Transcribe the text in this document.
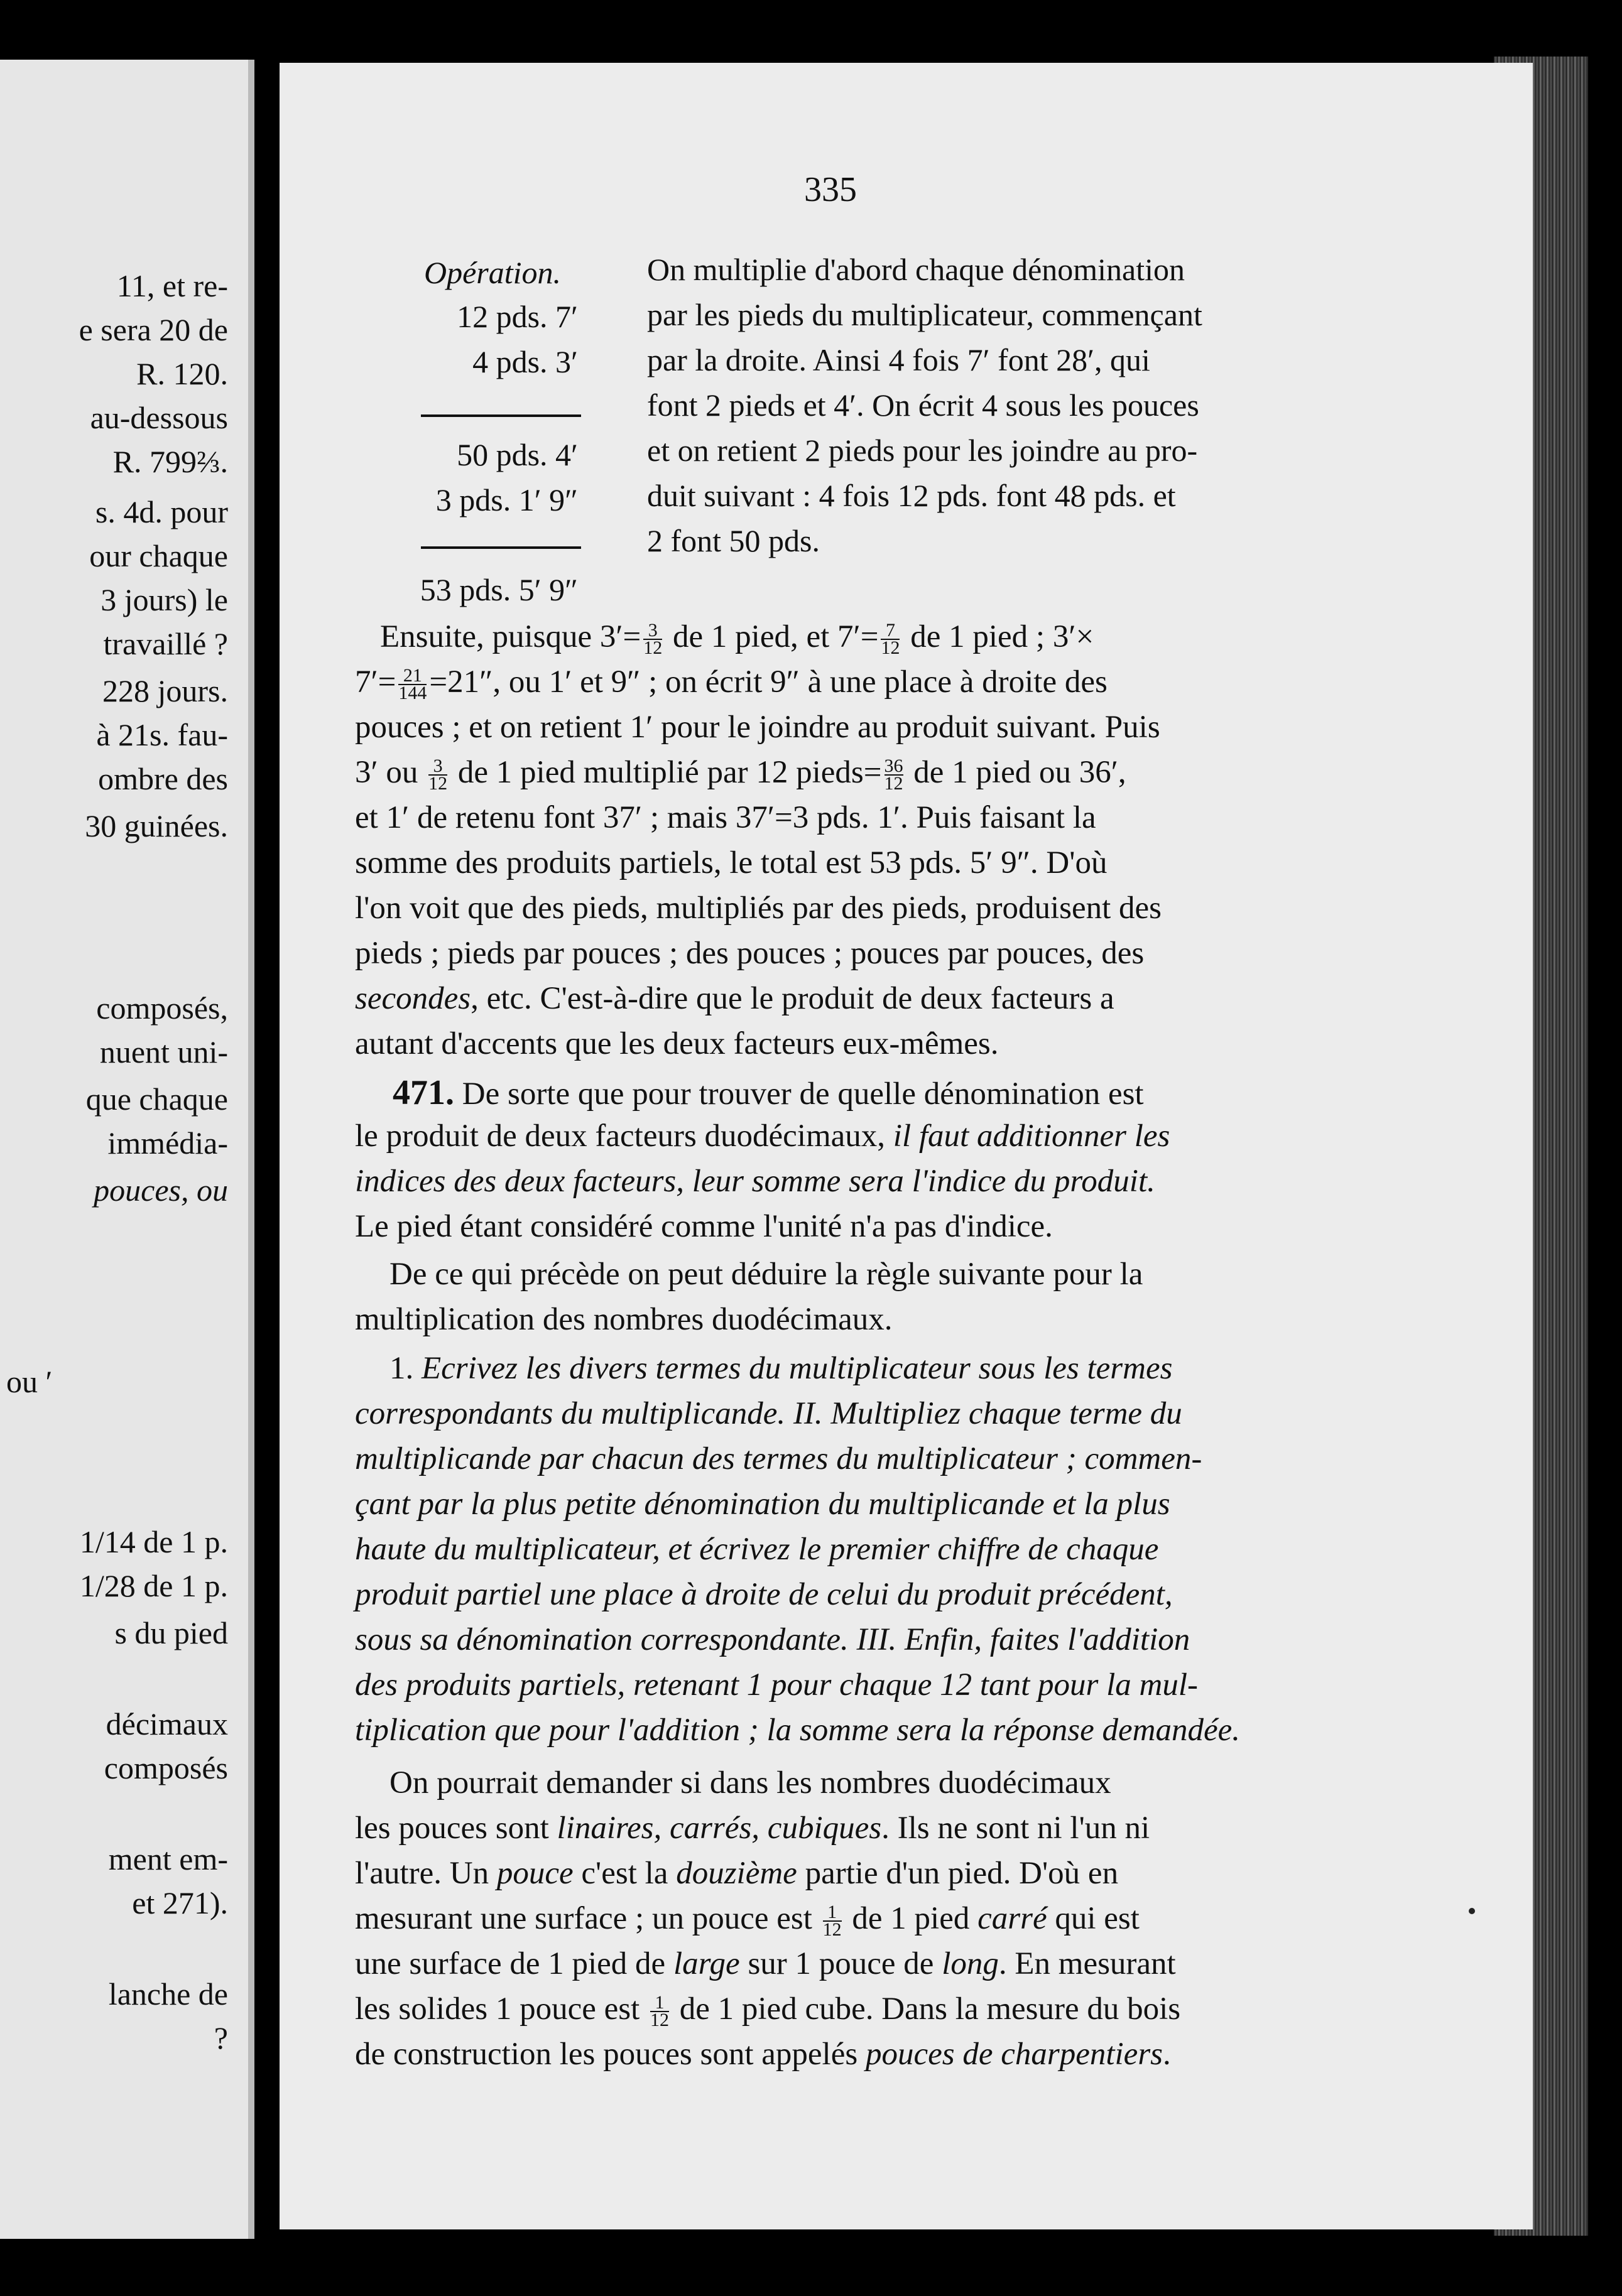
11, et re-
e sera 20 de
R. 120.
au-dessous
R. 799⅔.
s. 4d. pour
our chaque
3 jours) le
travaillé ?
228 jours.
à 21s. fau-
ombre des
30 guinées.
composés,
nuent uni-
que chaque
immédia-
pouces, ou
ou ′
1/14 de 1 p.
1/28 de 1 p.
s du pied
décimaux
composés
ment em-
et 271).
lanche de
?
335
Opération.
12 pds. 7′
4 pds. 3′
50 pds. 4′
3 pds. 1′ 9″
53 pds. 5′ 9″
On multiplie d'abord chaque dénomination
par les pieds du multiplicateur, commençant
par la droite. Ainsi 4 fois 7′ font 28′, qui
font 2 pieds et 4′. On écrit 4 sous les pouces
et on retient 2 pieds pour les joindre au pro-
duit suivant : 4 fois 12 pds. font 48 pds. et
2 font 50 pds.
Ensuite, puisque $3'= \frac{3}{12}$ de 1 pied, et $7'= \frac{7}{12}$ de 1 pied ; 3′×
$7'= \frac{21}{144} =21''$, ou 1′ et 9″ ; on écrit 9″ à une place à droite des
pouces ; et on retient 1′ pour le joindre au produit suivant. Puis
3′ ou $\frac{3}{12}$ de 1 pied multiplié par 12 pieds= $\frac{36}{12}$ de 1 pied ou 36′,
et 1′ de retenu font 37′ ; mais 37′=3 pds. 1′. Puis faisant la
somme des produits partiels, le total est 53 pds. 5′ 9″. D'où
l'on voit que des pieds, multipliés par des pieds, produisent des
pieds ; pieds par pouces ; des pouces ; pouces par pouces, des
secondes, etc. C'est-à-dire que le produit de deux facteurs a
autant d'accents que les deux facteurs eux-mêmes.
471. De sorte que pour trouver de quelle dénomination est
le produit de deux facteurs duodécimaux, il faut additionner les
indices des deux facteurs, leur somme sera l'indice du produit.
Le pied étant considéré comme l'unité n'a pas d'indice.
De ce qui précède on peut déduire la règle suivante pour la
multiplication des nombres duodécimaux.
1. Ecrivez les divers termes du multiplicateur sous les termes
correspondants du multiplicande. II. Multipliez chaque terme du
multiplicande par chacun des termes du multiplicateur ; commen-
çant par la plus petite dénomination du multiplicande et la plus
haute du multiplicateur, et écrivez le premier chiffre de chaque
produit partiel une place à droite de celui du produit précédent,
sous sa dénomination correspondante. III. Enfin, faites l'addition
des produits partiels, retenant 1 pour chaque 12 tant pour la mul-
tiplication que pour l'addition ; la somme sera la réponse demandée.
On pourrait demander si dans les nombres duodécimaux
les pouces sont linaires, carrés, cubiques. Ils ne sont ni l'un ni
l'autre. Un pouce c'est la douzième partie d'un pied. D'où en
mesurant une surface ; un pouce est $\frac{1}{12}$ de 1 pied carré qui est
une surface de 1 pied de large sur 1 pouce de long. En mesurant
les solides 1 pouce est $\frac{1}{12}$ de 1 pied cube. Dans la mesure du bois
de construction les pouces sont appelés pouces de charpentiers.
